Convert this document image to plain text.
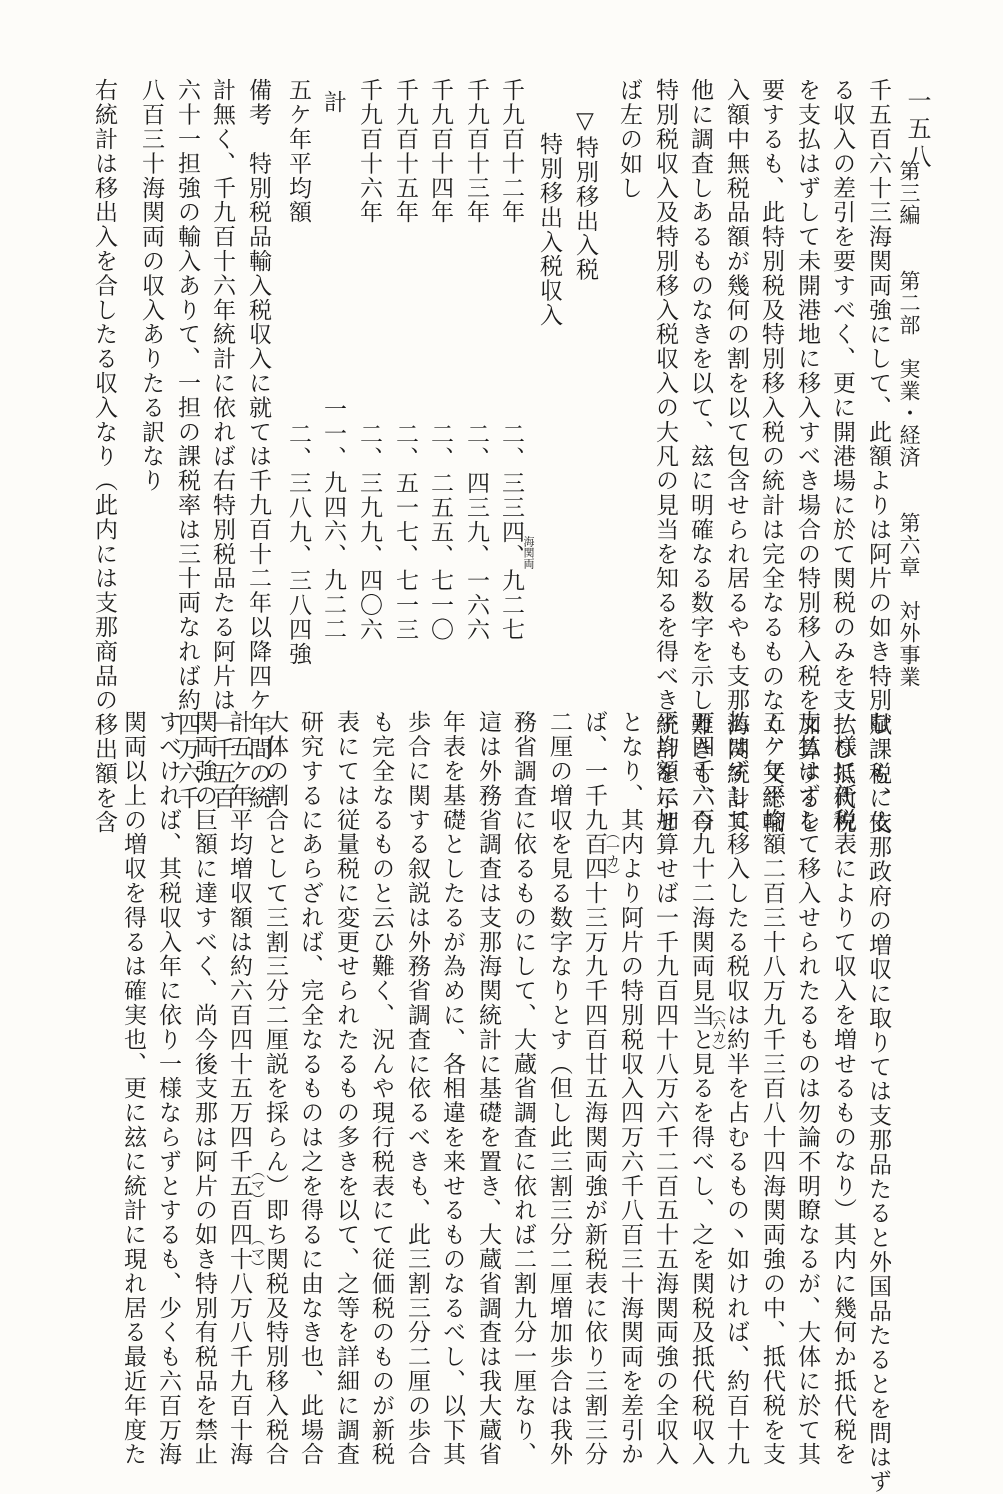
第三編　　第二部　実業・経済　　第六章　対外事業
一五八
千五百六十三海関両強にして、此額よりは阿片の如き特別賦課税に依
る収入の差引を要すべく、更に開港場に於て関税のみを支払ひ抵代税
を支払はずして未開港地に移入すべき場合の特別移入税を加算するを
要するも、此特別税及特別移入税の統計は完全なるものなく、又総輸
入額中無税品額が幾何の割を以て包含せられ居るやも支那海関統計其
他に調査しあるものなきを以て、玆に明確なる数字を示し難きも、今
特別税収入及特別移入税収入の大凡の見当を知るを得べき統計を示せ
ば左の如し
▽特別移出入税
特別移出入税収入
千九百十二年
二、三三四、九二七
海関両
千九百十三年
二、四三九、一六六
千九百十四年
二、二五五、七一〇
千九百十五年
二、五一七、七一三
千九百十六年
二、三九九、四〇六
計
一一、九四六、九二二
五ケ年平均額
二、三八九、三八四強
備考　特別税品輸入税収入に就ては千九百十二年以降四ケ年間の統
計無く、千九百十六年統計に依れば右特別税品たる阿片は一千五百
六十一担強の輸入ありて、一担の課税率は三十両なれば約四万六千
八百三十海関両の収入ありたる訳なり
右統計は移出入を合したる収入なり（此内には支那商品の移出額を含
む も、支那政府の増収に取りては支那品たると外国品たるとを問はず
一様に新税表によりて収入を増せるものなり）其内に幾何か抵代税を
支払はずして移入せられたるものは勿論不明瞭なるが、大体に於て其
五ケ年平均額二百三十八万九千三百八十四海関両強の中、抵代税を支
払はずして移入したる税収は約半を占むるもの丶如ければ、約百十九
万四千六百九十二海関両見当と見るを得べし、之を関税及抵代税収入
平均額に加算せば一千九百四十八万六千二百五十五海関両強の全収入
となり、其内より阿片の特別税収入四万六千八百三十海関両を差引か
ば、一千九百四十三万九千四百廿五海関両強が新税表に依り三割三分
二厘の増収を見る数字なりとす（但し此三割三分二厘増加歩合は我外
務省調査に依るものにして、大蔵省調査に依れば二割九分一厘なり、
這は外務省調査は支那海関統計に基礎を置き、大蔵省調査は我大蔵省
年表を基礎としたるが為めに、各相違を来せるものなるべし、以下其
歩合に関する叙説は外務省調査に依るべきも、此三割三分二厘の歩合
も完全なるものと云ひ難く、況んや現行税表にて従価税のものが新税
表にては従量税に変更せられたるもの多きを以て、之等を詳細に調査
研究するにあらざれば、完全なるものは之を得るに由なき也、此場合
大体の割合として三割三分二厘説を採らん）即ち関税及特別移入税合
計五ケ年平均増収額は約六百四十五万四千五百四十八万八千九百十海
関両強の巨額に達すべく、尚今後支那は阿片の如き特別有税品を禁止
すべければ、其税収入年に依り一様ならずとするも、少くも六百万海
関両以上の増収を得るは確実也、更に玆に統計に現れ居る最近年度た	（六カ）
（一カ）
（マ）
（マ）
